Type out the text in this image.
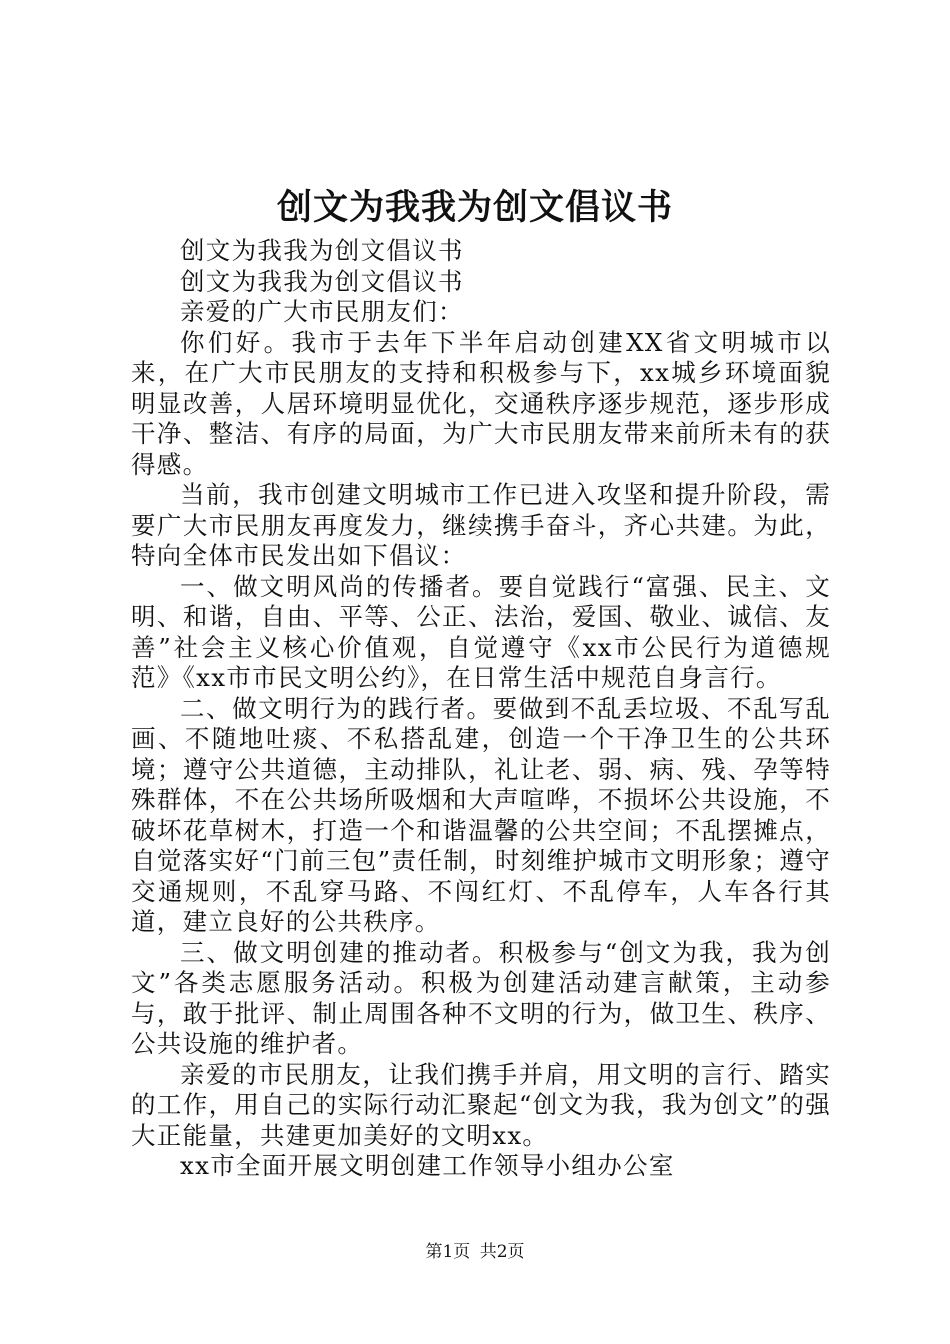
创文为我我为创文倡议书

创文为我我为创文倡议书

创文为我我为创文倡议书

亲爱的广大市民朋友们：

你们好。我市于去年下半年启动创建XX省文明城市以来，在广大市民朋友的支持和积极参与下，xx城乡环境面貌明显改善，人居环境明显优化，交通秩序逐步规范，逐步形成干净、整洁、有序的局面，为广大市民朋友带来前所未有的获得感。

当前，我市创建文明城市工作已进入攻坚和提升阶段，需要广大市民朋友再度发力，继续携手奋斗，齐心共建。为此，特向全体市民发出如下倡议：

一、做文明风尚的传播者。要自觉践行“富强、民主、文明、和谐，自由、平等、公正、法治，爱国、敬业、诚信、友善”社会主义核心价值观，自觉遵守《xx市公民行为道德规范》《xx市市民文明公约》，在日常生活中规范自身言行。

二、做文明行为的践行者。要做到不乱丢垃圾、不乱写乱画、不随地吐痰、不私搭乱建，创造一个干净卫生的公共环境；遵守公共道德，主动排队，礼让老、弱、病、残、孕等特殊群体，不在公共场所吸烟和大声喧哗，不损坏公共设施，不破坏花草树木，打造一个和谐温馨的公共空间；不乱摆摊点，自觉落实好“门前三包”责任制，时刻维护城市文明形象；遵守交通规则，不乱穿马路、不闯红灯、不乱停车，人车各行其道，建立良好的公共秩序。

三、做文明创建的推动者。积极参与“创文为我，我为创文”各类志愿服务活动。积极为创建活动建言献策，主动参与，敢于批评、制止周围各种不文明的行为，做卫生、秩序、公共设施的维护者。

亲爱的市民朋友，让我们携手并肩，用文明的言行、踏实的工作，用自己的实际行动汇聚起“创文为我，我为创文”的强大正能量，共建更加美好的文明xx。

xx市全面开展文明创建工作领导小组办公室

第1页 共2页
